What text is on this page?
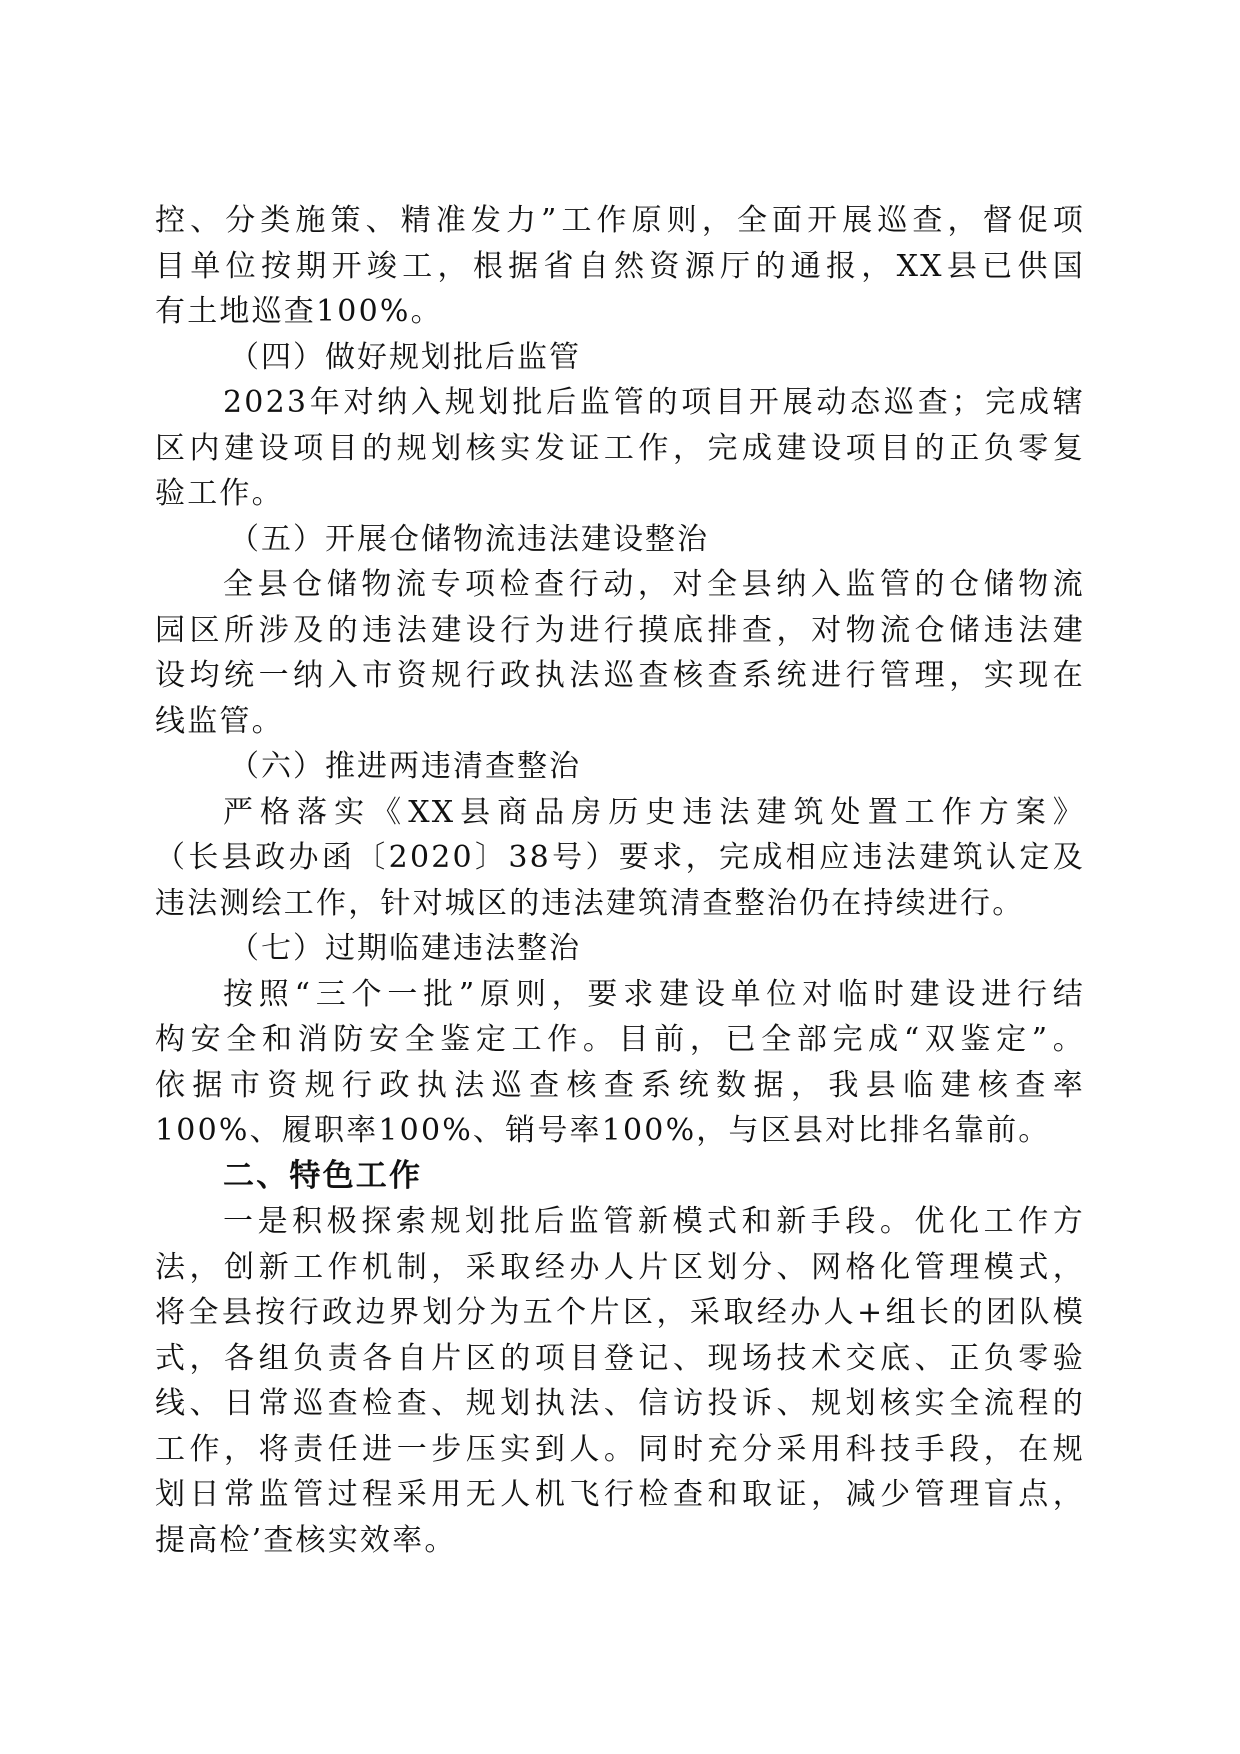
控、分类施策、精准发力”工作原则，全面开展巡查，督促项
目单位按期开竣工，根据省自然资源厅的通报，XX县已供国
有土地巡查100%。
（四）做好规划批后监管
2023年对纳入规划批后监管的项目开展动态巡查；完成辖
区内建设项目的规划核实发证工作，完成建设项目的正负零复
验工作。
（五）开展仓储物流违法建设整治
全县仓储物流专项检查行动，对全县纳入监管的仓储物流
园区所涉及的违法建设行为进行摸底排查，对物流仓储违法建
设均统一纳入市资规行政执法巡查核查系统进行管理，实现在
线监管。
（六）推进两违清查整治
严格落实《XX县商品房历史违法建筑处置工作方案》
（长县政办函〔2020〕38号）要求，完成相应违法建筑认定及
违法测绘工作，针对城区的违法建筑清查整治仍在持续进行。
（七）过期临建违法整治
按照“三个一批”原则，要求建设单位对临时建设进行结
构安全和消防安全鉴定工作。目前，已全部完成“双鉴定”。
依据市资规行政执法巡查核查系统数据，我县临建核查率
100%、履职率100%、销号率100%，与区县对比排名靠前。
二、特色工作
一是积极探索规划批后监管新模式和新手段。优化工作方
法，创新工作机制，采取经办人片区划分、网格化管理模式，
将全县按行政边界划分为五个片区，采取经办人+组长的团队模
式，各组负责各自片区的项目登记、现场技术交底、正负零验
线、日常巡查检查、规划执法、信访投诉、规划核实全流程的
工作，将责任进一步压实到人。同时充分采用科技手段，在规
划日常监管过程采用无人机飞行检查和取证，减少管理盲点，
提高检’查核实效率。
